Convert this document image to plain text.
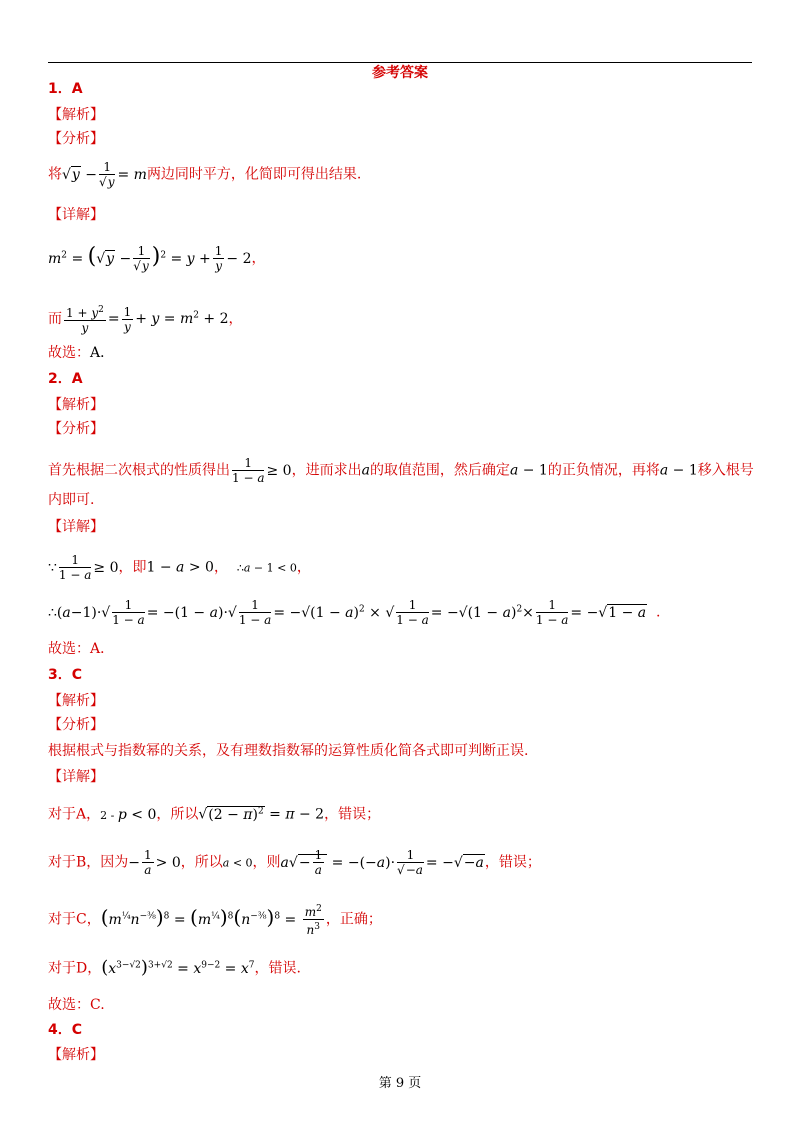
参考答案
1．A
【解析】
【分析】
将$√y - \frac{1}{√y} = m$两边同时平方，化简即可得出结果.
【详解】
$m^2 = (√y - \frac{1}{√y} )^2 = y + \frac{1}{y} - 2$，
而 $\frac{1 + y^2}{y} = \frac{1}{y} + y = m^2 + 2$，
故选：A．
2．A
【解析】
【分析】
首先根据二次根式的性质得出 $\frac{1}{1 - a} \ge 0$，进而求出a的取值范围，然后确定a − 1的正负情况，再将a − 1移入根号
内即可.
【详解】
∵ $\frac{1}{1 - a} \ge 0$，即1 − a > 0，  ∴a − 1 < 0，
∴(a−1)·√ $\frac{1}{1 - a} = -(1 - a)\cdot√ \frac{1}{1 - a} = -√(1 - a)^2$ × √ $\frac{1}{1 - a} = -√(1 - a)^2\times \frac{1}{1 - a} = -√1 - a$  .
故选：A．
3．C
【解析】
【分析】
根据根式与指数幂的关系，及有理数指数幂的运算性质化简各式即可判断正误.
【详解】
对于A，2 - p < 0，所以$√(2 - \pi)^2 = \pi - 2$，错误；
对于B，因为− $\frac{1}{a} > 0$，所以a < 0，则$a√- \frac{1}{a} = -(-a)\cdot \frac{1}{√-a} = -√-a$，错误；
对于C，$(m^{\frac{1}{4}}n^{-\frac{3}{8}})^8 = (m^{\frac{1}{4}})^8(n^{-\frac{3}{8}})^8 = \frac{m^2}{n^3}$ ，正确；
对于D，$(x^{3-√2})^{3+√2} = x^{9-2} = x^7$，错误.
故选：C.
4．C
【解析】
第 9 页
